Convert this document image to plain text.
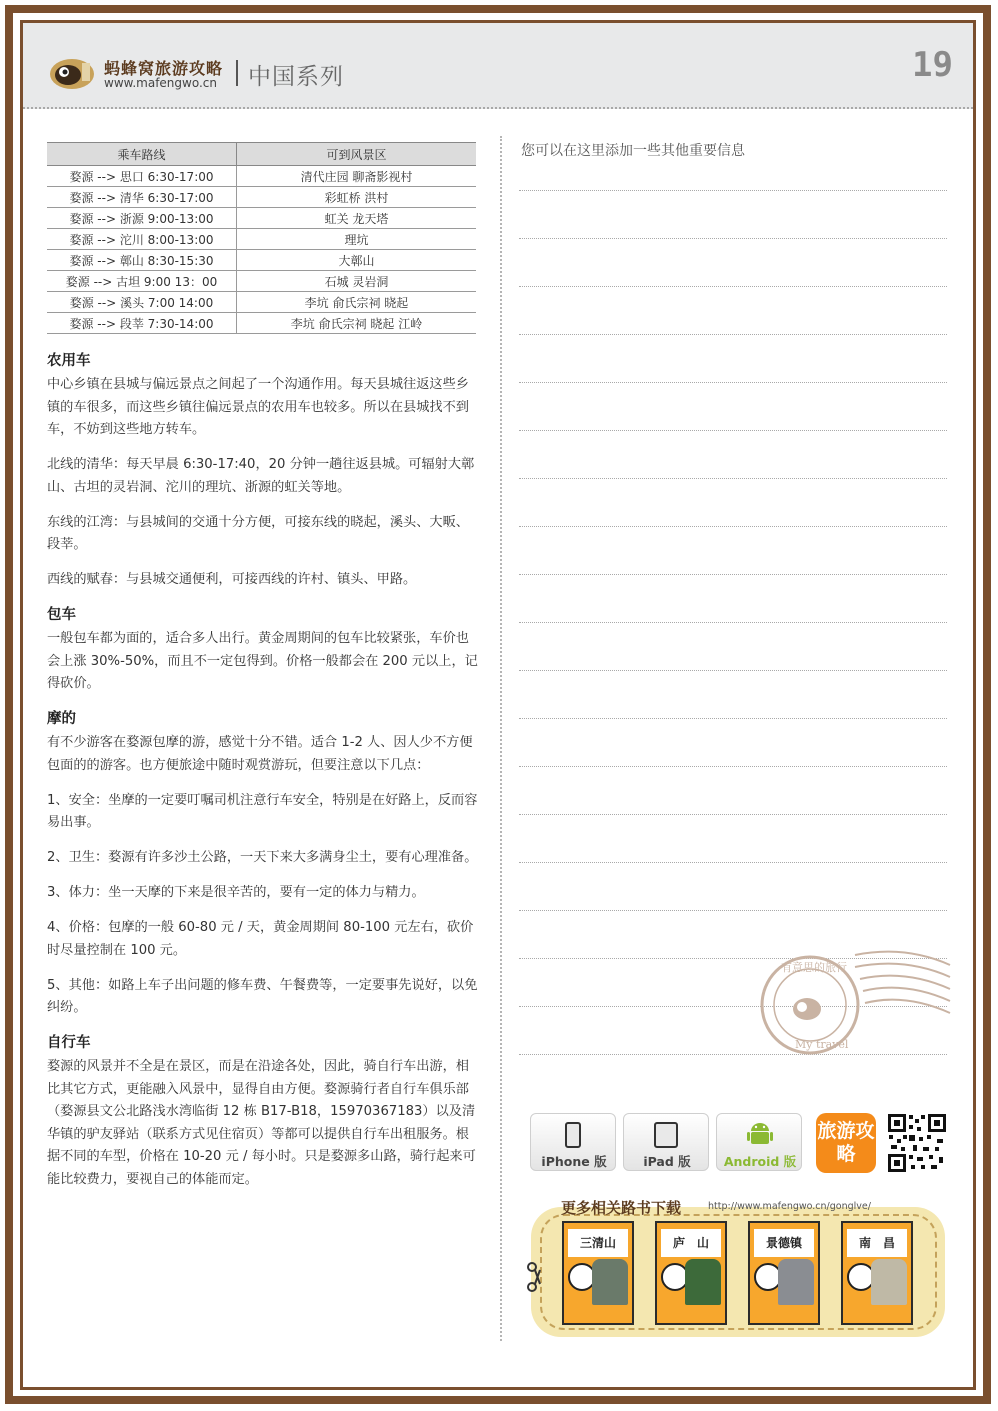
蚂蜂窝旅游攻略
www.mafengwo.cn 中国系列	19
乘车路线	可到风景区
婺源 --> 思口 6:30-17:00	清代庄园 聊斋影视村
婺源 --> 清华 6:30-17:00	彩虹桥 洪村
婺源 --> 浙源 9:00-13:00	虹关 龙天塔
婺源 --> 沱川 8:00-13:00	理坑
婺源 --> 鄣山 8:30-15:30	大鄣山
婺源 --> 古坦 9:00 13：00	石城 灵岩洞
婺源 --> 溪头 7:00 14:00	李坑 俞氏宗祠 晓起
婺源 --> 段莘 7:30-14:00	李坑 俞氏宗祠 晓起 江岭
农用车

中心乡镇在县城与偏远景点之间起了一个沟通作用。每天县城往返这些乡镇的车很多，而这些乡镇往偏远景点的农用车也较多。所以在县城找不到车，不妨到这些地方转车。

北线的清华：每天早晨 6:30-17:40，20 分钟一趟往返县城。可辐射大鄣山、古坦的灵岩洞、沱川的理坑、浙源的虹关等地。

东线的江湾：与县城间的交通十分方便，可接东线的晓起，溪头、大畈、段莘。

西线的赋春：与县城交通便利，可接西线的许村、镇头、甲路。

包车

一般包车都为面的，适合多人出行。黄金周期间的包车比较紧张，车价也会上涨 30%-50%，而且不一定包得到。价格一般都会在 200 元以上，记得砍价。

摩的

有不少游客在婺源包摩的游，感觉十分不错。适合 1-2 人、因人少不方便包面的的游客。也方便旅途中随时观赏游玩，但要注意以下几点：

1、安全：坐摩的一定要叮嘱司机注意行车安全，特别是在好路上，反而容易出事。

2、卫生：婺源有许多沙土公路，一天下来大多满身尘土，要有心理准备。

3、体力：坐一天摩的下来是很辛苦的，要有一定的体力与精力。

4、价格：包摩的一般 60-80 元 / 天，黄金周期间 80-100 元左右，砍价时尽量控制在 100 元。

5、其他：如路上车子出问题的修车费、午餐费等，一定要事先说好，以免纠纷。

自行车

婺源的风景并不全是在景区，而是在沿途各处，因此，骑自行车出游，相比其它方式，更能融入风景中，显得自由方便。婺源骑行者自行车俱乐部（婺源县文公北路浅水湾临街 12 栋 B17-B18，15970367183）以及清华镇的驴友驿站（联系方式见住宿页）等都可以提供自行车出租服务。根据不同的车型，价格在 10-20 元 / 每小时。只是婺源多山路，骑行起来可能比较费力，要视自己的体能而定。

您可以在这里添加一些其他重要信息
有意思的旅行
My travel
iPhone 版	iPad 版	Android 版
旅游攻略
更多相关路书下载	http://www.mafengwo.cn/gonglve/
三清山	庐　山	景德镇	南　昌
